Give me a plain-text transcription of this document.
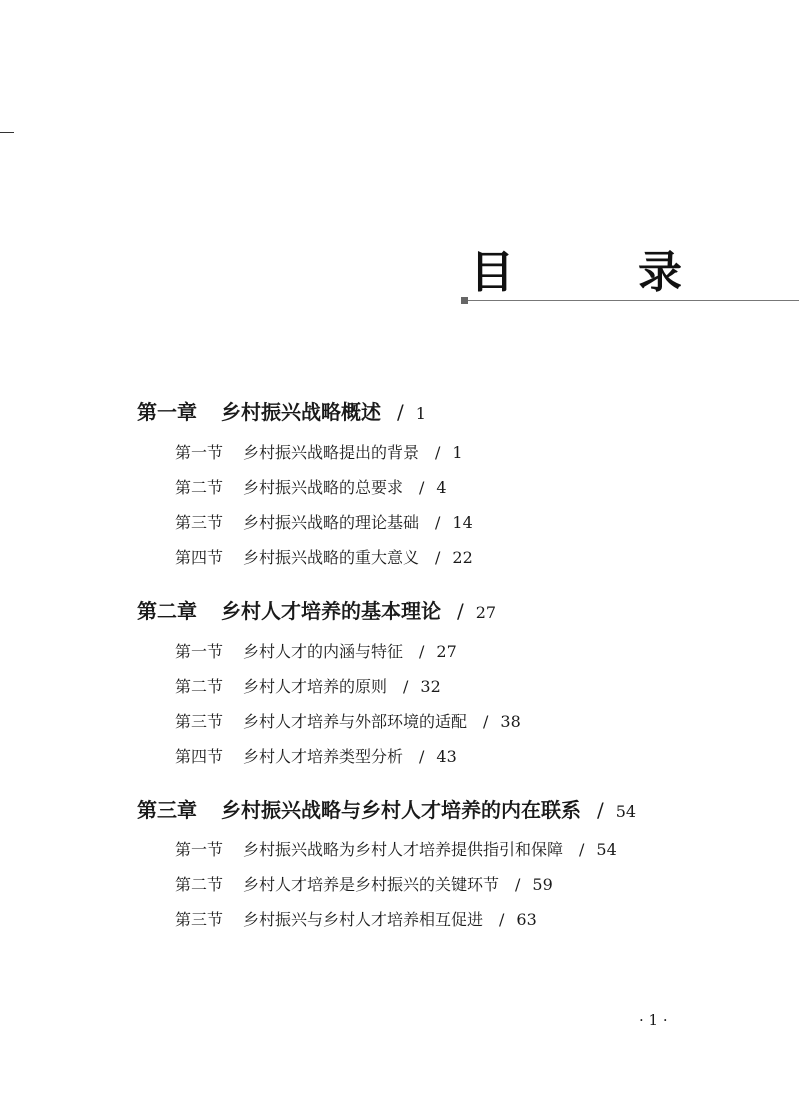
目　录
第一章 乡村振兴战略概述 / 1
第一节 乡村振兴战略提出的背景 / 1
第二节 乡村振兴战略的总要求 / 4
第三节 乡村振兴战略的理论基础 / 14
第四节 乡村振兴战略的重大意义 / 22
第二章 乡村人才培养的基本理论 / 27
第一节 乡村人才的内涵与特征 / 27
第二节 乡村人才培养的原则 / 32
第三节 乡村人才培养与外部环境的适配 / 38
第四节 乡村人才培养类型分析 / 43
第三章 乡村振兴战略与乡村人才培养的内在联系 / 54
第一节 乡村振兴战略为乡村人才培养提供指引和保障 / 54
第二节 乡村人才培养是乡村振兴的关键环节 / 59
第三节 乡村振兴与乡村人才培养相互促进 / 63
· 1 ·
